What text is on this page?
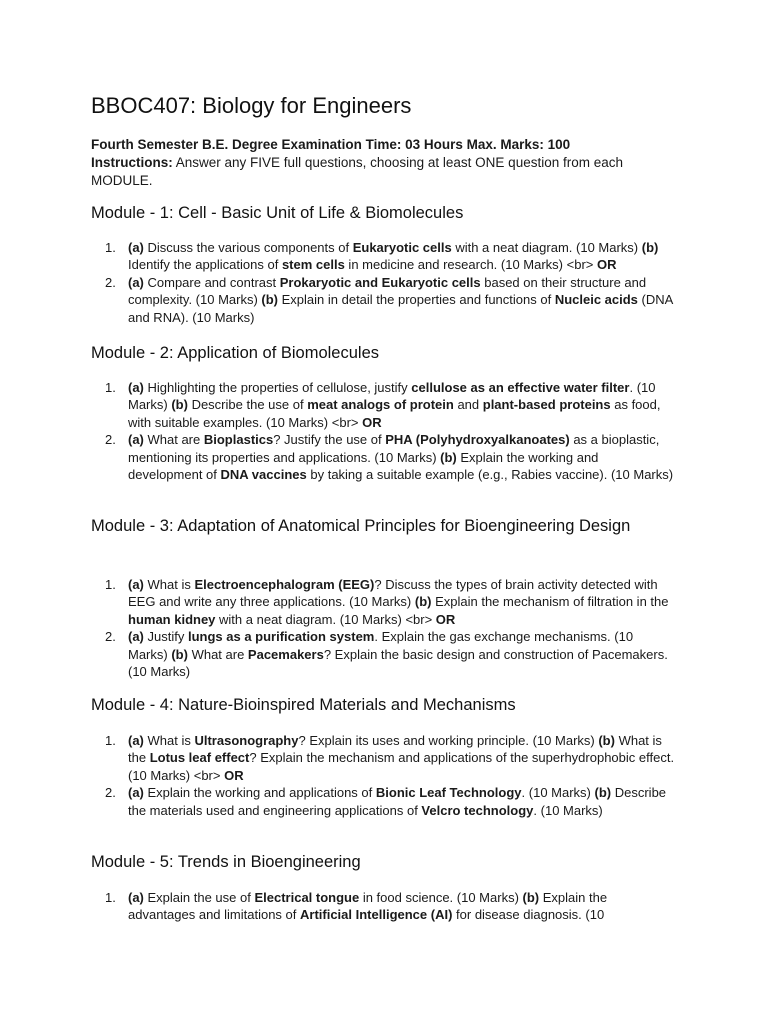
BBOC407: Biology for Engineers
Fourth Semester B.E. Degree Examination Time: 03 Hours Max. Marks: 100
Instructions: Answer any FIVE full questions, choosing at least ONE question from each MODULE.
Module - 1: Cell - Basic Unit of Life & Biomolecules
1. (a) Discuss the various components of Eukaryotic cells with a neat diagram. (10 Marks) (b) Identify the applications of stem cells in medicine and research. (10 Marks) <br> OR
2. (a) Compare and contrast Prokaryotic and Eukaryotic cells based on their structure and complexity. (10 Marks) (b) Explain in detail the properties and functions of Nucleic acids (DNA and RNA). (10 Marks)
Module - 2: Application of Biomolecules
1. (a) Highlighting the properties of cellulose, justify cellulose as an effective water filter. (10 Marks) (b) Describe the use of meat analogs of protein and plant-based proteins as food, with suitable examples. (10 Marks) <br> OR
2. (a) What are Bioplastics? Justify the use of PHA (Polyhydroxyalkanoates) as a bioplastic, mentioning its properties and applications. (10 Marks) (b) Explain the working and development of DNA vaccines by taking a suitable example (e.g., Rabies vaccine). (10 Marks)
Module - 3: Adaptation of Anatomical Principles for Bioengineering Design
1. (a) What is Electroencephalogram (EEG)? Discuss the types of brain activity detected with EEG and write any three applications. (10 Marks) (b) Explain the mechanism of filtration in the human kidney with a neat diagram. (10 Marks) <br> OR
2. (a) Justify lungs as a purification system. Explain the gas exchange mechanisms. (10 Marks) (b) What are Pacemakers? Explain the basic design and construction of Pacemakers. (10 Marks)
Module - 4: Nature-Bioinspired Materials and Mechanisms
1. (a) What is Ultrasonography? Explain its uses and working principle. (10 Marks) (b) What is the Lotus leaf effect? Explain the mechanism and applications of the superhydrophobic effect. (10 Marks) <br> OR
2. (a) Explain the working and applications of Bionic Leaf Technology. (10 Marks) (b) Describe the materials used and engineering applications of Velcro technology. (10 Marks)
Module - 5: Trends in Bioengineering
1. (a) Explain the use of Electrical tongue in food science. (10 Marks) (b) Explain the advantages and limitations of Artificial Intelligence (AI) for disease diagnosis. (10
